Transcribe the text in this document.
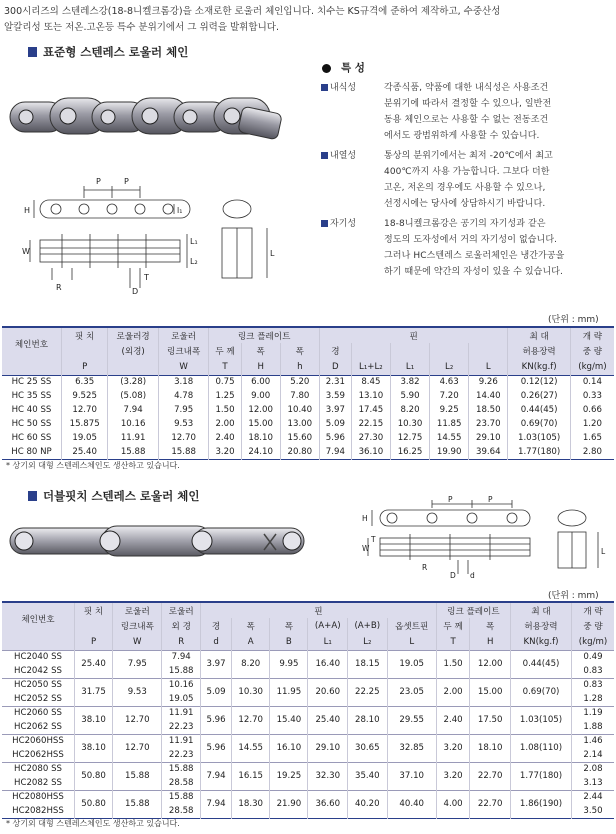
300시리즈의 스텐레스강(18-8니켈크롬강)을 소재로한 로울러 체인입니다. 치수는 KS규격에 준하여 제작하고, 수중산성
알칼리성 또는 저온.고온등 특수 분위기에서 그 위력을 발휘합니다.
표준형 스텐레스 로울러 체인
P	P
H	l₁
W
R
L₁
L₂
L
T
D
특 성
내식성	각종식품, 약품에 대한 내식성은 사용조건
분위기에 따라서 결정할 수 있으나, 일반전
동용 체인으로는 사용할 수 없는 전동조건
에서도 광범위하게 사용할 수 있습니다.
내열성	통상의 분위기에서는 최저 -20℃에서 최고
400℃까지 사용 가능합니다. 그보다 더한
고온, 저온의 경우에도 사용할 수 있으나,
선정시에는 당사에 상담하시기 바랍니다.
자기성	18-8니켈크롬강은 공기의 자기성과 같은
정도의 도자성에서 거의 자기성이 없습니다.
그러나 HC스텐레스 로울러체인은 냉간가공을
하기 때문에 약간의 자성이 있을 수 있습니다.
(단위 : mm)
체인번호	핏 치	로울러경	로울러	링크 플레이트			핀					최 대	개 략
		(외경)	링크내폭	두 께	폭	폭	경					허용장력	중 량
	P		W	T	H	h	D	L₁+L₂	L₁	L₂	L	KN(kg.f)	(kg/m)
HC 25 SS	6.35	(3.28)	3.18	0.75	6.00	5.20	2.31	8.45	3.82	4.63	9.26	0.12(12)	0.14
HC 35 SS	9.525	(5.08)	4.78	1.25	9.00	7.80	3.59	13.10	5.90	7.20	14.40	0.26(27)	0.33
HC 40 SS	12.70	7.94	7.95	1.50	12.00	10.40	3.97	17.45	8.20	9.25	18.50	0.44(45)	0.66
HC 50 SS	15.875	10.16	9.53	2.00	15.00	13.00	5.09	22.15	10.30	11.85	23.70	0.69(70)	1.20
HC 60 SS	19.05	11.91	12.70	2.40	18.10	15.60	5.96	27.30	12.75	14.55	29.10	1.03(105)	1.65
HC 80 NP	25.40	15.88	15.88	3.20	24.10	20.80	7.94	36.10	16.25	19.90	39.64	1.77(180)	2.80
* 상기외 대형 스텐레스체인도 생산하고 있습니다.
더블핏치 스텐레스 로울러 체인	P	P
H
W
R
T
d
D
L
(단위 : mm)
체인번호	핏 치	로울러	로울러	핀						링크 플레이트		최 대	개 략
		링크내폭	외 경	경	폭	폭	(A+A)	(A+B)	옵셋트핀	두 께	폭	허용장력	중 량
	P	W	R	d	A	B	L₁	L₂	L	T	H	KN(kg.f)	(kg/m)
HC2040 SS	25.40	7.95	7.94	3.97	8.20	9.95	16.40	18.15	19.05	1.50	12.00	0.44(45)	0.49
HC2042 SS			15.88										0.83
HC2050 SS	31.75	9.53	10.16	5.09	10.30	11.95	20.60	22.25	23.05	2.00	15.00	0.69(70)	0.83
HC2052 SS			19.05										1.28
HC2060 SS	38.10	12.70	11.91	5.96	12.70	15.40	25.40	28.10	29.55	2.40	17.50	1.03(105)	1.19
HC2062 SS			22.23										1.88
HC2060HSS	38.10	12.70	11.91	5.96	14.55	16.10	29.10	30.65	32.85	3.20	18.10	1.08(110)	1.46
HC2062HSS			22.23										2.14
HC2080 SS	50.80	15.88	15.88	7.94	16.15	19.25	32.30	35.40	37.10	3.20	22.70	1.77(180)	2.08
HC2082 SS			28.58										3.13
HC2080HSS	50.80	15.88	15.88	7.94	18.30	21.90	36.60	40.20	40.40	4.00	22.70	1.86(190)	2.44
HC2082HSS			28.58										3.50
* 상기외 대형 스텐레스체인도 생산하고 있습니다.
